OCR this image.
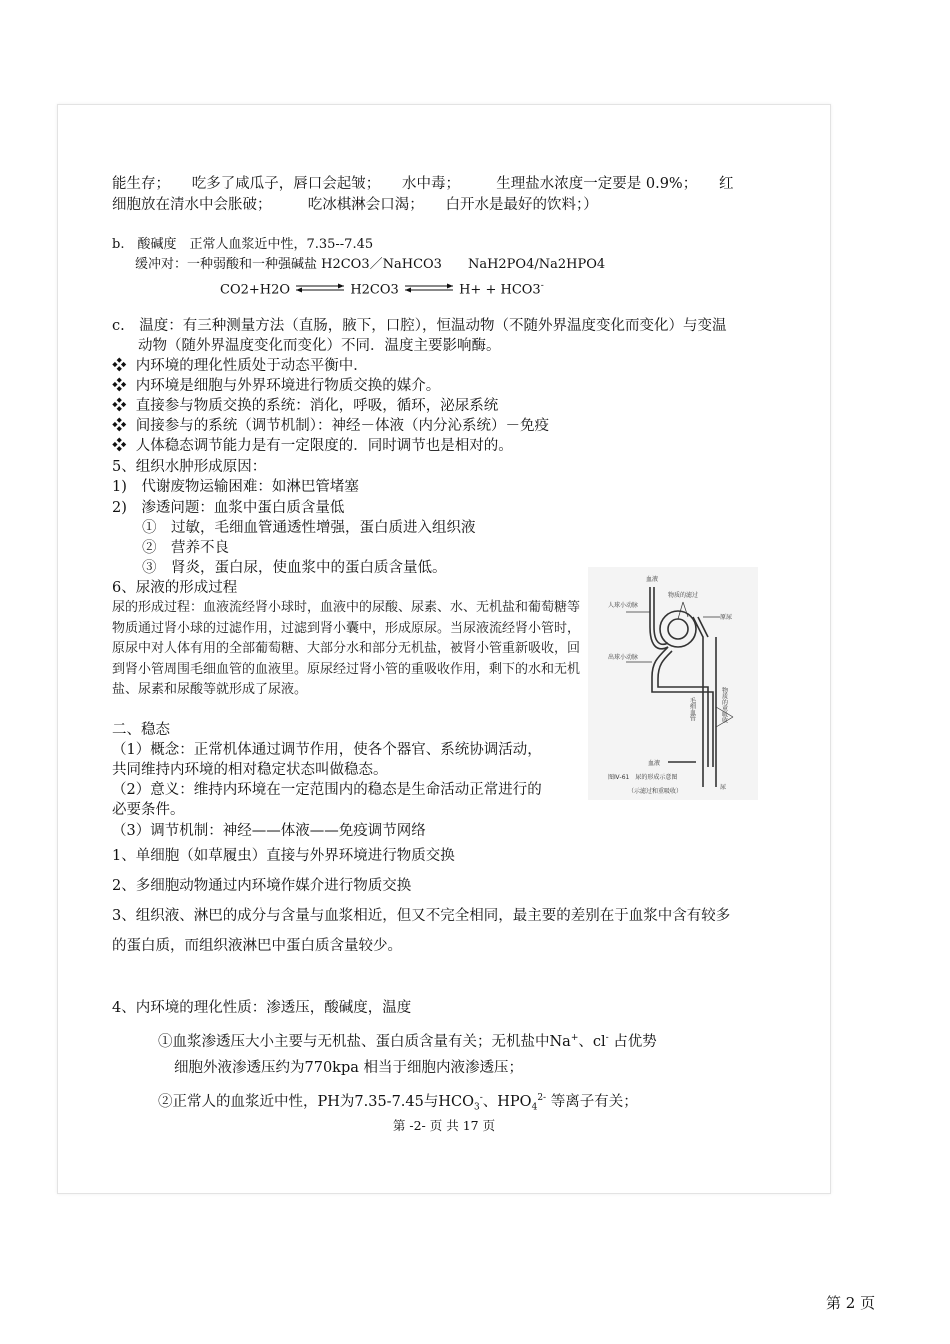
第 -2- 页 共 17 页
能生存；　　吃多了咸瓜子，唇口会起皱；　　水中毒；　　　生理盐水浓度一定要是 0.9%；　　红
细胞放在清水中会胀破；　　　吃冰棋淋会口渴；　　白开水是最好的饮料；）
b.　酸碱度　正常人血浆近中性，7.35--7.45
缓冲对：一种弱酸和一种强碱盐 H2CO3／NaHCO3　　NaH2PO4/Na2HPO4
CO2+H2O ⇌ H2CO3 ⇌ H+ + HCO3-
c.　温度：有三种测量方法（直肠，腋下，口腔），恒温动物（不随外界温度变化而变化）与变温
动物（随外界温度变化而变化）不同．温度主要影响酶。
❖ 内环境的理化性质处于动态平衡中．
❖ 内环境是细胞与外界环境进行物质交换的媒介。
❖ 直接参与物质交换的系统：消化，呼吸，循环，泌尿系统
❖ 间接参与的系统（调节机制）：神经－体液（内分沁系统）－免疫
❖ 人体稳态调节能力是有一定限度的．同时调节也是相对的。
5、组织水肿形成原因：
1)　代谢废物运输困难：如淋巴管堵塞
2)　渗透问题：血浆中蛋白质含量低
①　过敏，毛细血管通透性增强，蛋白质进入组织液
②　营养不良
③　肾炎，蛋白尿，使血浆中的蛋白质含量低。
6、尿液的形成过程
尿的形成过程：血液流经肾小球时，血液中的尿酸、尿素、水、无机盐和葡萄糖等物质通过肾小球的过滤作用，过滤到肾小囊中，形成原尿。当尿液流经肾小管时，原尿中对人体有用的全部葡萄糖、大部分水和部分无机盐，被肾小管重新吸收，回到肾小管周围毛细血管的血液里。原尿经过肾小管的重吸收作用，剩下的水和无机盐、尿素和尿酸等就形成了尿液。
血液
物质的滤过
原尿
人球小动脉
出球小动脉
物质的重吸收
毛细血管
血液
尿
图Ⅳ-61　尿的形成示意图
（示滤过和重吸收）
二、稳态
（1）概念：正常机体通过调节作用，使各个器官、系统协调活动，
共同维持内环境的相对稳定状态叫做稳态。
（2）意义：维持内环境在一定范围内的稳态是生命活动正常进行的
必要条件。
（3）调节机制：神经——体液——免疫调节网络
1、单细胞（如草履虫）直接与外界环境进行物质交换
2、多细胞动物通过内环境作媒介进行物质交换
3、组织液、淋巴的成分与含量与血浆相近，但又不完全相同，最主要的差别在于血浆中含有较多
的蛋白质，而组织液淋巴中蛋白质含量较少。
4、内环境的理化性质：渗透压，酸碱度，温度
①血浆渗透压大小主要与无机盐、蛋白质含量有关；无机盐中Na+、cl- 占优势
细胞外液渗透压约为770kpa 相当于细胞内液渗透压；
②正常人的血浆近中性，PH为7.35-7.45与$HCO_3^-$、$HPO_4^{2-}$ 等离子有关；
第 2 页
